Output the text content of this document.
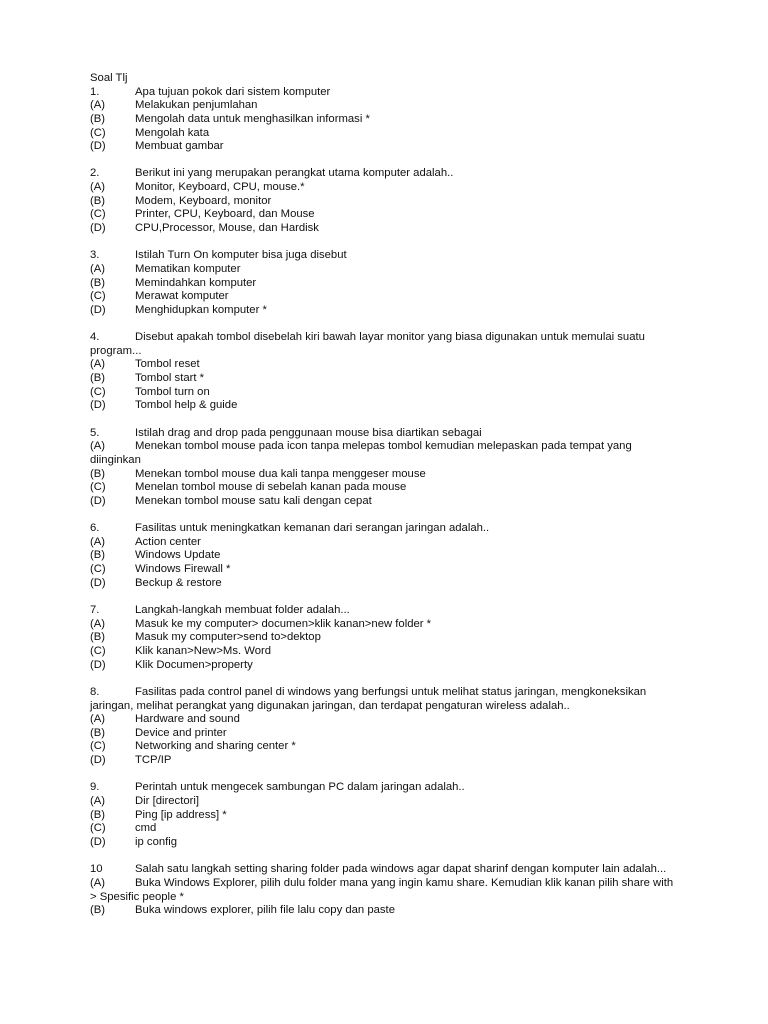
Soal Tlj
1.	Apa tujuan pokok dari sistem komputer
(A)	Melakukan penjumlahan
(B)	Mengolah data untuk menghasilkan informasi *
(C)	Mengolah kata
(D)	Membuat gambar
2.	Berikut ini yang merupakan perangkat utama komputer adalah..
(A)	Monitor, Keyboard, CPU, mouse.*
(B)	Modem, Keyboard, monitor
(C)	Printer, CPU, Keyboard, dan Mouse
(D)	CPU,Processor, Mouse, dan Hardisk
3.	Istilah Turn On komputer bisa juga disebut
(A)	Mematikan komputer
(B)	Memindahkan komputer
(C)	Merawat komputer
(D)	Menghidupkan komputer *
4.	Disebut apakah tombol disebelah kiri bawah layar monitor yang biasa digunakan untuk memulai suatu program...
(A)	Tombol reset
(B)	Tombol start *
(C)	Tombol turn on
(D)	Tombol help & guide
5.	Istilah drag and drop pada penggunaan mouse bisa diartikan sebagai
(A)	Menekan tombol mouse pada icon tanpa melepas tombol kemudian melepaskan pada tempat yang diinginkan
(B)	Menekan tombol mouse dua kali tanpa menggeser mouse
(C)	Menelan tombol mouse di sebelah kanan pada mouse
(D)	Menekan tombol mouse satu kali dengan cepat
6.	Fasilitas untuk meningkatkan kemanan dari serangan jaringan adalah..
(A)	Action center
(B)	Windows Update
(C)	Windows Firewall *
(D)	Beckup & restore
7.	Langkah-langkah membuat folder adalah...
(A)	Masuk ke my computer> documen>klik kanan>new folder *
(B)	Masuk my computer>send to>dektop
(C)	Klik kanan>New>Ms. Word
(D)	Klik Documen>property
8.	Fasilitas pada control panel di windows yang berfungsi untuk melihat status jaringan, mengkoneksikan jaringan, melihat perangkat yang digunakan jaringan, dan terdapat pengaturan wireless adalah..
(A)	Hardware and sound
(B)	Device and printer
(C)	Networking and sharing center *
(D)	TCP/IP
9.	Perintah untuk mengecek sambungan PC dalam jaringan adalah..
(A)	Dir [directori]
(B)	Ping [ip address] *
(C)	cmd
(D)	ip config
10	Salah satu langkah setting sharing folder pada windows agar dapat sharinf dengan komputer lain adalah...
(A)	Buka Windows Explorer, pilih dulu folder mana yang ingin kamu share. Kemudian klik kanan pilih share with > Spesific people *
(B)	Buka windows explorer, pilih file lalu copy dan paste
